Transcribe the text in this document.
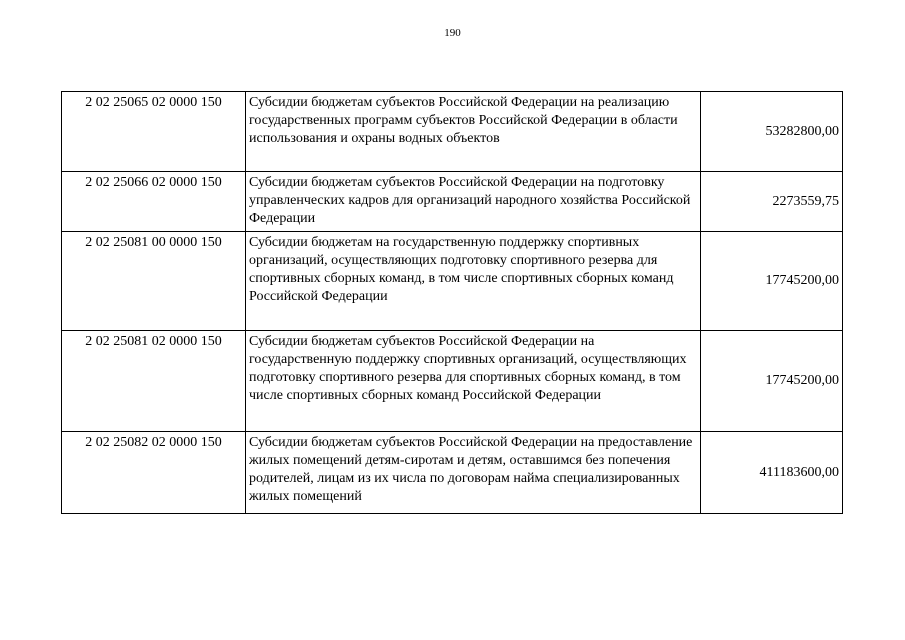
190
2 02 25065 02 0000 150	Субсидии бюджетам субъектов Российской Федерации на реализацию государственных программ субъектов Российской Федерации в области использования и охраны водных объектов	53282800,00
2 02 25066 02 0000 150	Субсидии бюджетам субъектов Российской Федерации на подготовку управленческих кадров для организаций народного хозяйства Российской Федерации	2273559,75
2 02 25081 00 0000 150	Субсидии бюджетам на государственную поддержку спортивных организаций, осуществляющих подготовку спортивного резерва для спортивных сборных команд, в том числе спортивных сборных команд Российской Федерации	17745200,00
2 02 25081 02 0000 150	Субсидии бюджетам субъектов Российской Федерации на государственную поддержку спортивных организаций, осуществляющих подготовку спортивного резерва для спортивных сборных команд, в том числе спортивных сборных команд Российской Федерации	17745200,00
2 02 25082 02 0000 150	Субсидии бюджетам субъектов Российской Федерации на предоставление жилых помещений детям-сиротам и детям, оставшимся без попечения родителей, лицам из их числа по договорам найма специализированных жилых помещений	411183600,00
